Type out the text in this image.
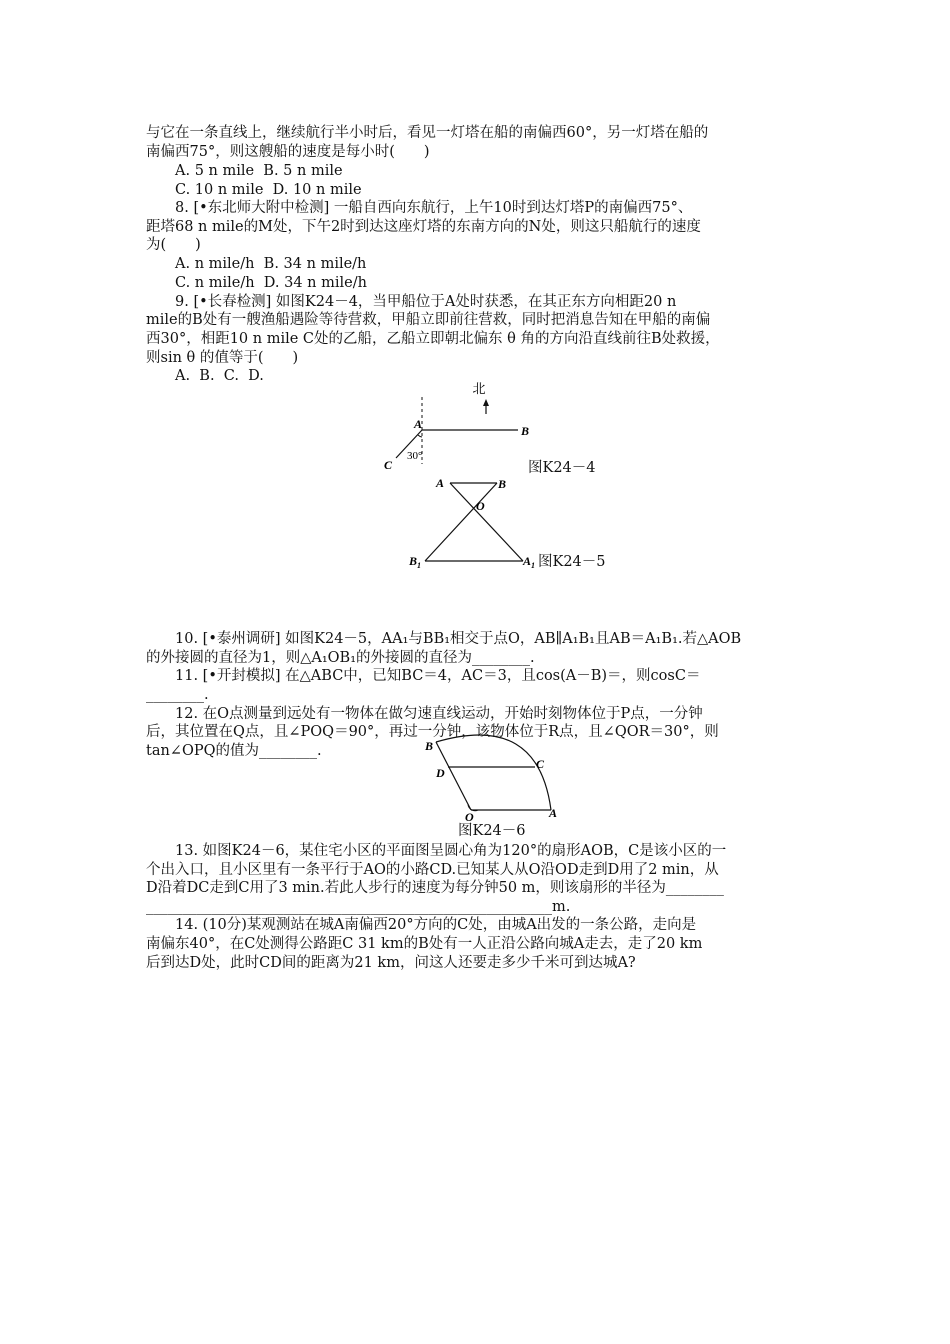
与它在一条直线上，继续航行半小时后，看见一灯塔在船的南偏西60°，另一灯塔在船的
南偏西75°，则这艘船的速度是每小时(　　)
A. 5 n mile  B. 5 n mile
C. 10 n mile  D. 10 n mile
8. [•东北师大附中检测] 一船自西向东航行，上午10时到达灯塔P的南偏西75°、
距塔68 n mile的M处，下午2时到达这座灯塔的东南方向的N处，则这只船航行的速度
为(　　)
A. n mile/h  B. 34 n mile/h
C. n mile/h  D. 34 n mile/h
9. [•长春检测] 如图K24－4，当甲船位于A处时获悉，在其正东方向相距20 n
mile的B处有一艘渔船遇险等待营救，甲船立即前往营救，同时把消息告知在甲船的南偏
西30°，相距10 n mile C处的乙船，乙船立即朝北偏东 θ 角的方向沿直线前往B处救援，
则sin θ 的值等于(　　)
A.  B.  C.  D.
北
A	B
C
30°
图K24－4
A	B
O
$B_1$	$A_1$ 图K24－5
10. [•泰州调研] 如图K24－5，AA₁与BB₁相交于点O，AB∥A₁B₁且AB＝A₁B₁.若△AOB
的外接圆的直径为1，则△A₁OB₁的外接圆的直径为________.
11. [•开封模拟] 在△ABC中，已知BC＝4，AC＝3，且cos(A－B)＝，则cosC＝
________.
12. 在O点测量到远处有一物体在做匀速直线运动，开始时刻物体位于P点，一分钟
后，其位置在Q点，且∠POQ＝90°，再过一分钟，该物体位于R点，且∠QOR＝30°，则
tan∠OPQ的值为________.	B
D
C
O	A
图K24－6
13. 如图K24－6，某住宅小区的平面图呈圆心角为120°的扇形AOB，C是该小区的一
个出入口，且小区里有一条平行于AO的小路CD.已知某人从O沿OD走到D用了2 min，从
D沿着DC走到C用了3 min.若此人步行的速度为每分钟50 m，则该扇形的半径为________
________________________________________________________m.
14. (10分)某观测站在城A南偏西20°方向的C处，由城A出发的一条公路，走向是
南偏东40°，在C处测得公路距C 31 km的B处有一人正沿公路向城A走去，走了20 km
后到达D处，此时CD间的距离为21 km，问这人还要走多少千米可到达城A?
